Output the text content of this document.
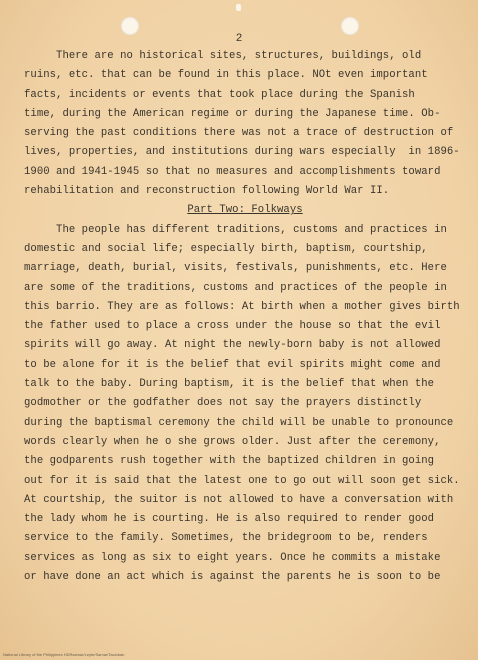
2
There are no historical sites, structures, buildings, old
ruins, etc. that can be found in this place. NOt even important
facts, incidents or events that took place during the Spanish
time, during the American regime or during the Japanese time. Ob-
serving the past conditions there was not a trace of destruction of
lives, properties, and institutions during wars especially  in 1896-
1900 and 1941-1945 so that no measures and accomplishments toward
rehabilitation and reconstruction following World War II.
Part Two: Folkways
The people has different traditions, customs and practices in
domestic and social life; especially birth, baptism, courtship,
marriage, death, burial, visits, festivals, punishments, etc. Here
are some of the traditions, customs and practices of the people in
this barrio. They are as follows: At birth when a mother gives birth
the father used to place a cross under the house so that the evil
spirits will go away. At night the newly-born baby is not allowed
to be alone for it is the belief that evil spirits might come and
talk to the baby. During baptism, it is the belief that when the
godmother or the godfather does not say the prayers distinctly
during the baptismal ceremony the child will be unable to pronounce
words clearly when he o she grows older. Just after the ceremony,
the godparents rush together with the baptized children in going
out for it is said that the latest one to go out will soon get sick.
At courtship, the suitor is not allowed to have a conversation with
the lady whom he is courting. He is also required to render good
service to the family. Sometimes, the bridegroom to be, renders
services as long as six to eight years. Once he commits a mistake
or have done an act which is against the parents he is soon to be
National Library of the Philippines HDRsamar/Leyte/Samar/Tacloban
